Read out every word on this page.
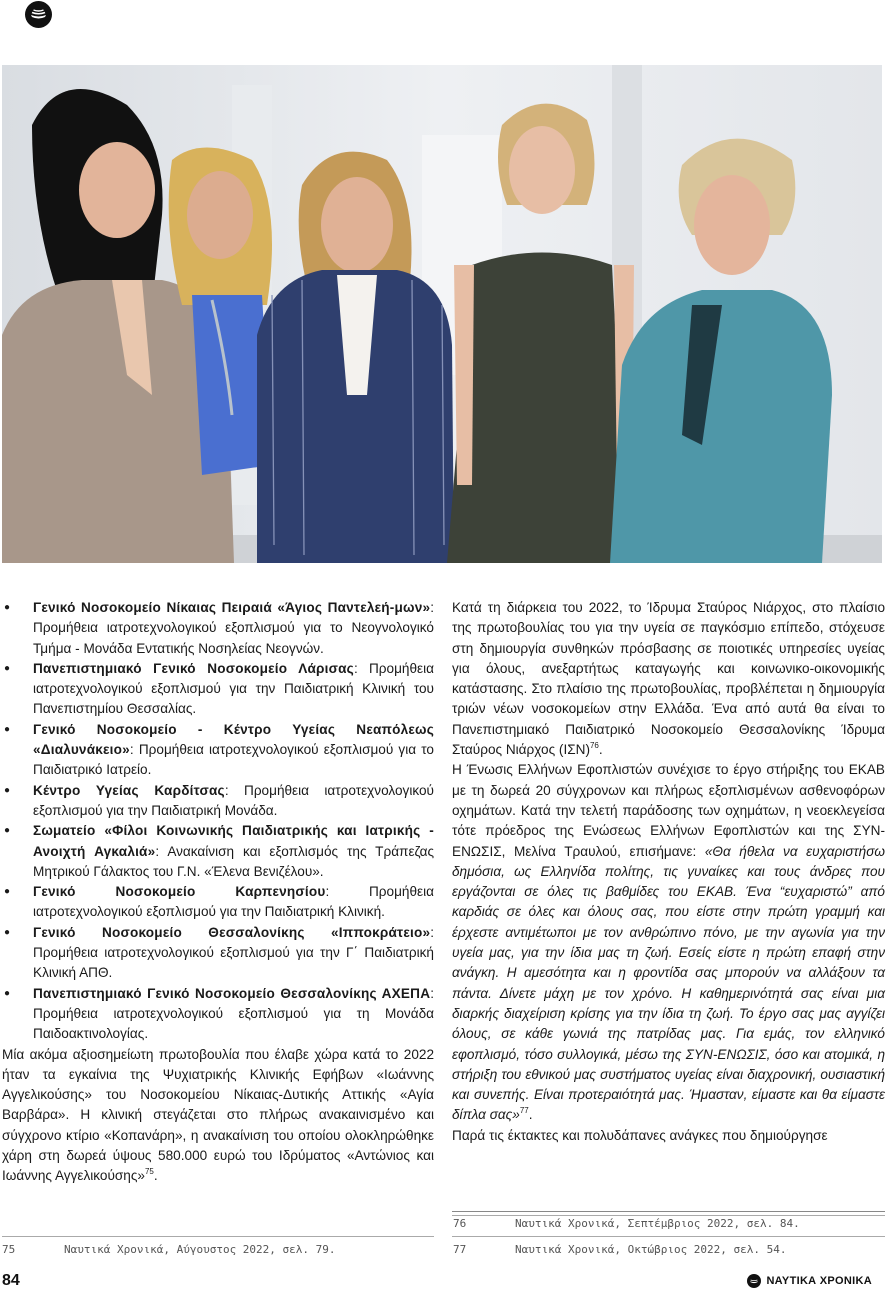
● Γενικό Νοσοκομείο Νίκαιας Πειραιά «Άγιος Παντελεή-μων»: Προμήθεια ιατροτεχνολογικού εξοπλισμού για το Νεογνολογικό Τμήμα - Μονάδα Εντατικής Νοσηλείας Νεογνών.
● Πανεπιστημιακό Γενικό Νοσοκομείο Λάρισας: Προμήθεια ιατροτεχνολογικού εξοπλισμού για την Παιδιατρική Κλινική του Πανεπιστημίου Θεσσαλίας.
● Γενικό Νοσοκομείο - Κέντρο Υγείας Νεαπόλεως «Διαλυνάκειο»: Προμήθεια ιατροτεχνολογικού εξοπλισμού για το Παιδιατρικό Ιατρείο.
● Κέντρο Υγείας Καρδίτσας: Προμήθεια ιατροτεχνολογικού εξοπλισμού για την Παιδιατρική Μονάδα.
● Σωματείο «Φίλοι Κοινωνικής Παιδιατρικής και Ιατρικής - Ανοιχτή Αγκαλιά»: Ανακαίνιση και εξοπλισμός της Τράπεζας Μητρικού Γάλακτος του Γ.Ν. «Έλενα Βενιζέλου».
● Γενικό Νοσοκομείο Καρπενησίου: Προμήθεια ιατροτεχνολογικού εξοπλισμού για την Παιδιατρική Κλινική.
● Γενικό Νοσοκομείο Θεσσαλονίκης «Ιπποκράτειο»: Προμήθεια ιατροτεχνολογικού εξοπλισμού για την Γ΄ Παιδιατρική Κλινική ΑΠΘ.
● Πανεπιστημιακό Γενικό Νοσοκομείο Θεσσαλονίκης ΑΧΕΠΑ: Προμήθεια ιατροτεχνολογικού εξοπλισμού για τη Μονάδα Παιδοακτινολογίας.

Μία ακόμα αξιοσημείωτη πρωτοβουλία που έλαβε χώρα κατά το 2022 ήταν τα εγκαίνια της Ψυχιατρικής Κλινικής Εφήβων «Ιωάννης Αγγελικούσης» του Νοσοκομείου Νίκαιας-Δυτικής Αττικής «Αγία Βαρβάρα». Η κλινική στεγάζεται στο πλήρως ανακαινισμένο και σύγχρονο κτίριο «Κοπανάρη», η ανακαίνιση του οποίου ολοκληρώθηκε χάρη στη δωρεά ύψους 580.000 ευρώ του Ιδρύματος «Αντώνιος και Ιωάννης Αγγελικούσης»$^{75}$.

Κατά τη διάρκεια του 2022, το Ίδρυμα Σταύρος Νιάρχος, στο πλαίσιο της πρωτοβουλίας του για την υγεία σε παγκόσμιο επίπεδο, στόχευσε στη δημιουργία συνθηκών πρόσβασης σε ποιοτικές υπηρεσίες υγείας για όλους, ανεξαρτήτως καταγωγής και κοινωνικο-οικονομικής κατάστασης. Στο πλαίσιο της πρωτοβουλίας, προβλέπεται η δημιουργία τριών νέων νοσοκομείων στην Ελλάδα. Ένα από αυτά θα είναι το Πανεπιστημιακό Παιδιατρικό Νοσοκομείο Θεσσαλονίκης Ίδρυμα Σταύρος Νιάρχος $(I\Sigma N)^{76}$.

Η Ένωσις Ελλήνων Εφοπλιστών συνέχισε το έργο στήριξης του ΕΚΑΒ με τη δωρεά 20 σύγχρονων και πλήρως εξοπλισμένων ασθενοφόρων οχημάτων. Κατά την τελετή παράδοσης των οχημάτων, η νεοεκλεγείσα τότε πρόεδρος της Ενώσεως Ελλήνων Εφοπλιστών και της ΣΥΝ-ΕΝΩΣΙΣ, Μελίνα Τραυλού, επισήμανε: «Θα ήθελα να ευχαριστήσω δημόσια, ως Ελληνίδα πολίτης, τις γυναίκες και τους άνδρες που εργάζονται σε όλες τις βαθμίδες του ΕΚΑΒ. Ένα “ευχαριστώ” από καρδιάς σε όλες και όλους σας, που είστε στην πρώτη γραμμή και έρχεστε αντιμέτωποι με τον ανθρώπινο πόνο, με την αγωνία για την υγεία μας, για την ίδια μας τη ζωή. Εσείς είστε η πρώτη επαφή στην ανάγκη. Η αμεσότητα και η φροντίδα σας μπορούν να αλλάξουν τα πάντα. Δίνετε μάχη με τον χρόνο. Η καθημερινότητά σας είναι μια διαρκής διαχείριση κρίσης για την ίδια τη ζωή. Το έργο σας μας αγγίζει όλους, σε κάθε γωνιά της πατρίδας μας. Για εμάς, τον ελληνικό εφοπλισμό, τόσο συλλογικά, μέσω της ΣΥΝ-ΕΝΩΣΙΣ, όσο και ατομικά, η στήριξη του εθνικού μας συστήματος υγείας είναι διαχρονική, ουσιαστική και συνεπής. Είναι προτεραιότητά μας. Ήμασταν, είμαστε και θα είμαστε δίπλα σας»$^{77}$.

Παρά τις έκτακτες και πολυδάπανες ανάγκες που δημιούργησε

76	Ναυτικά Χρονικά, Σεπτέμβριος 2022, σελ. 84.
77	Ναυτικά Χρονικά, Οκτώβριος 2022, σελ. 54.
75	Ναυτικά Χρονικά, Αύγουστος 2022, σελ. 79.
84	ΝΑΥΤΙΚΑ ΧΡΟΝΙΚΑ
